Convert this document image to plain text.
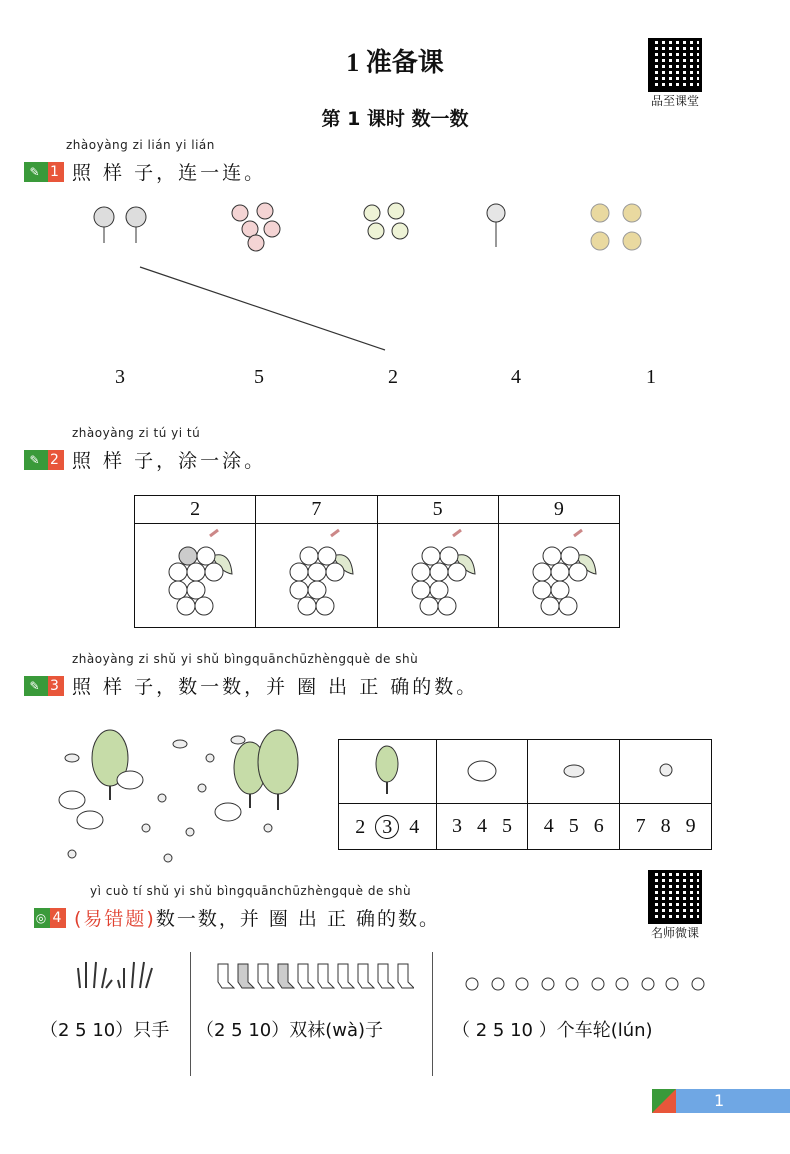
1 准备课
品至课堂
第 1 课时 数一数
zhàoyàng zi lián yi lián
✎ 1 照 样 子，连一连。
3	5	2	4	1
zhàoyàng zi tú yi tú
✎ 2 照 样 子，涂一涂。
2	7	5	9

zhàoyàng zi shǔ yi shǔ bìngquānchūzhèngquè de shù
✎ 3 照 样 子，数一数，并 圈 出 正 确的数。

2 3 4	3 4 5	4 5 6	7 8 9
名师微课
yì cuò tí shǔ yi shǔ bìngquānchūzhèngquè de shù
◎ 4 (易错题) 数一数，并 圈 出 正 确的数。
（2 5 10）只手 （2 5 10）双袜(wà)子	（ 2 5 10 ）个车轮(lún)
1
